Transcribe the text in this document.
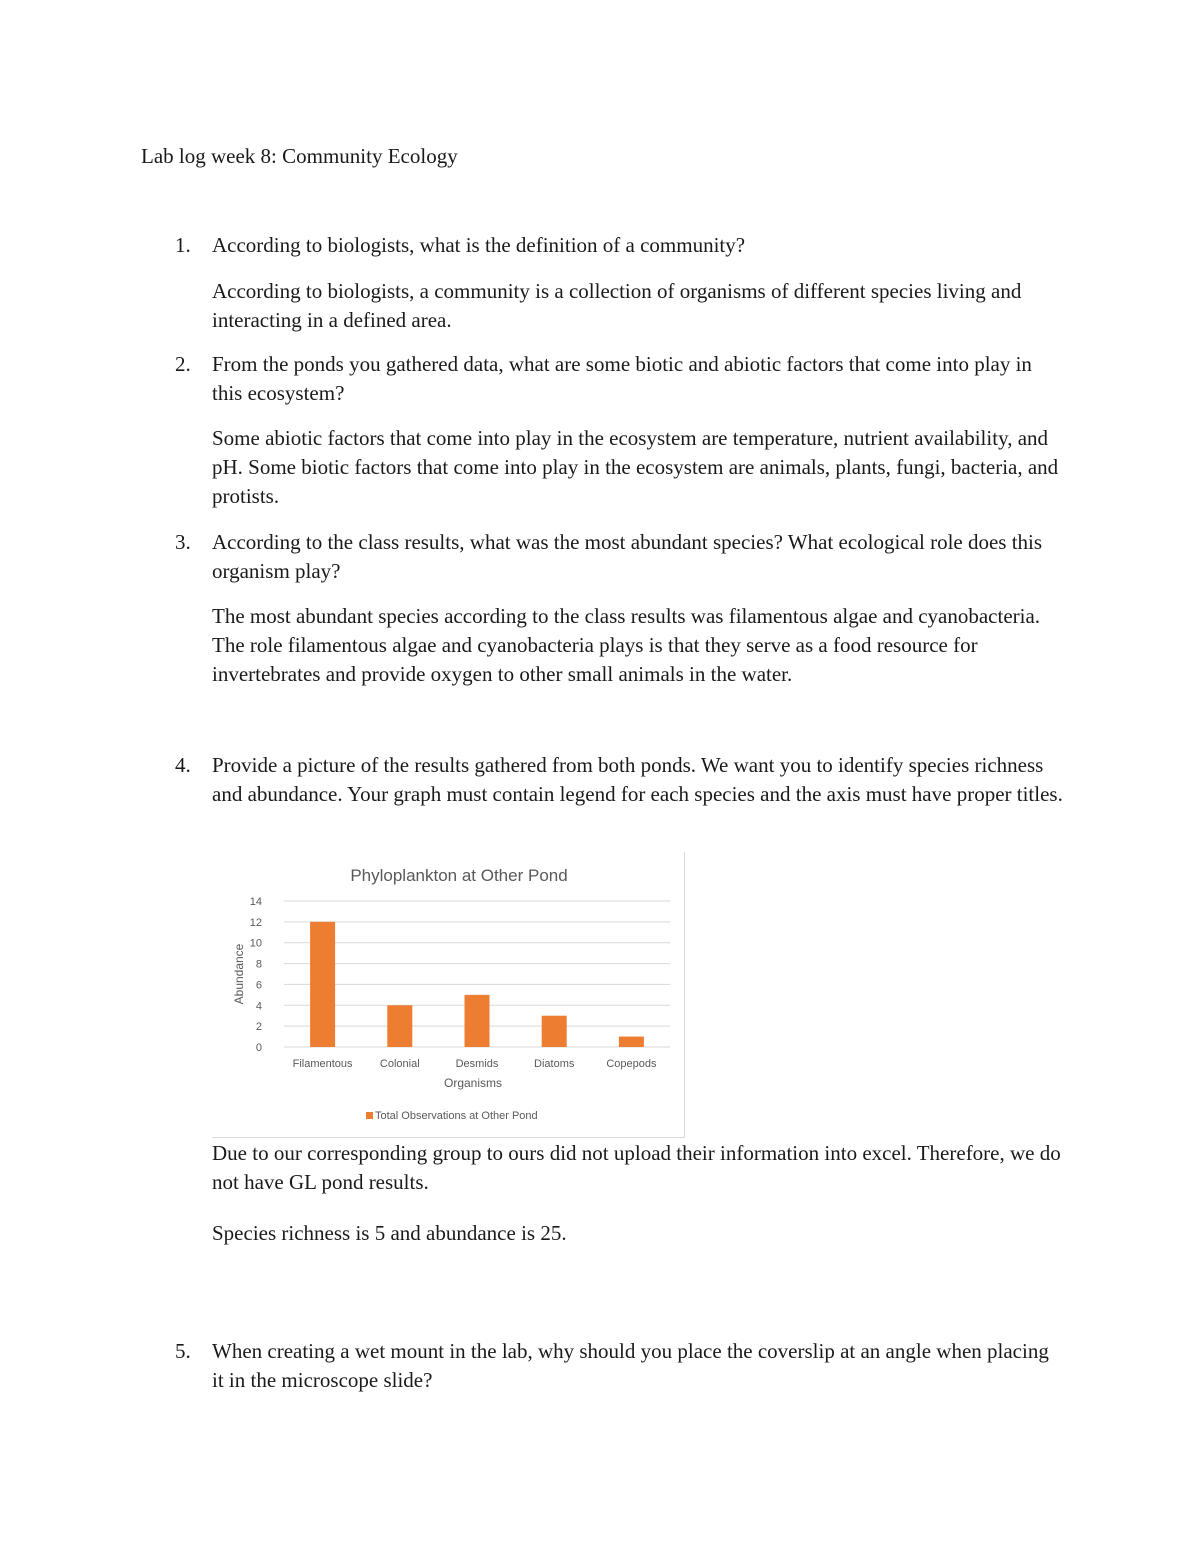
Lab log week 8: Community Ecology
1. According to biologists, what is the definition of a community?
According to biologists, a community is a collection of organisms of different species living and interacting in a defined area.
2. From the ponds you gathered data, what are some biotic and abiotic factors that come into play in this ecosystem?
Some abiotic factors that come into play in the ecosystem are temperature, nutrient availability, and pH. Some biotic factors that come into play in the ecosystem are animals, plants, fungi, bacteria, and protists.
3. According to the class results, what was the most abundant species? What ecological role does this organism play?
The most abundant species according to the class results was filamentous algae and cyanobacteria. The role filamentous algae and cyanobacteria plays is that they serve as a food resource for invertebrates and provide oxygen to other small animals in the water.
4. Provide a picture of the results gathered from both ponds. We want you to identify species richness and abundance. Your graph must contain legend for each species and the axis must have proper titles.
Phyloplankton at Other Pond
0
2
4
6
8
10
12
14
Filamentous Colonial	Desmids	Diatoms	Copepods
Abundance
Organisms
Total Observations at Other Pond
Due to our corresponding group to ours did not upload their information into excel. Therefore, we do not have GL pond results.
Species richness is 5 and abundance is 25.
5. When creating a wet mount in the lab, why should you place the coverslip at an angle when placing it in the microscope slide?
